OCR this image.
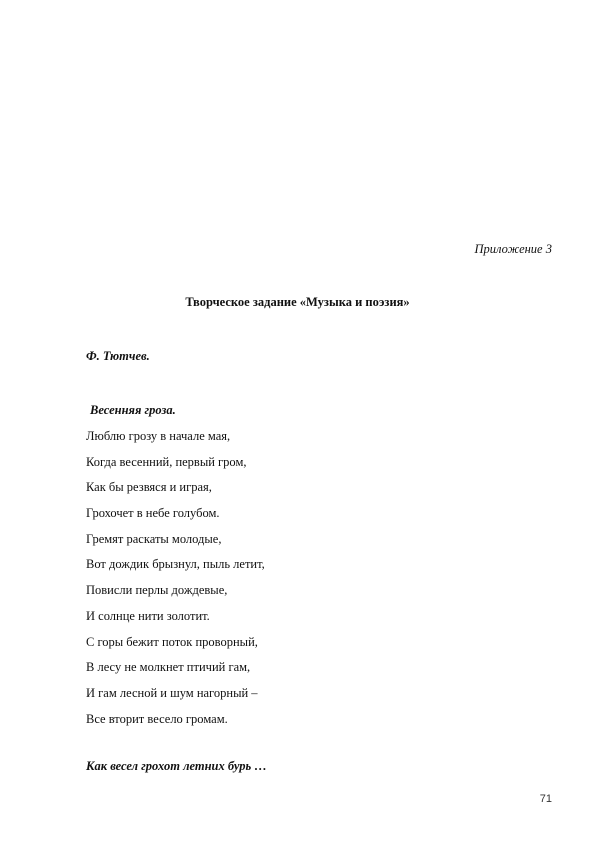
Приложение 3
Творческое задание «Музыка и поэзия»
Ф. Тютчев.
Весенняя гроза.
Люблю грозу в начале мая,
Когда весенний, первый гром,
Как бы резвяся и играя,
Грохочет в небе голубом.
Гремят раскаты молодые,
Вот дождик брызнул, пыль летит,
Повисли перлы дождевые,
И солнце нити золотит.
С горы бежит поток проворный,
В лесу не молкнет птичий гам,
И гам лесной и шум нагорный –
Все вторит весело громам.
Как весел грохот летних бурь …
71
